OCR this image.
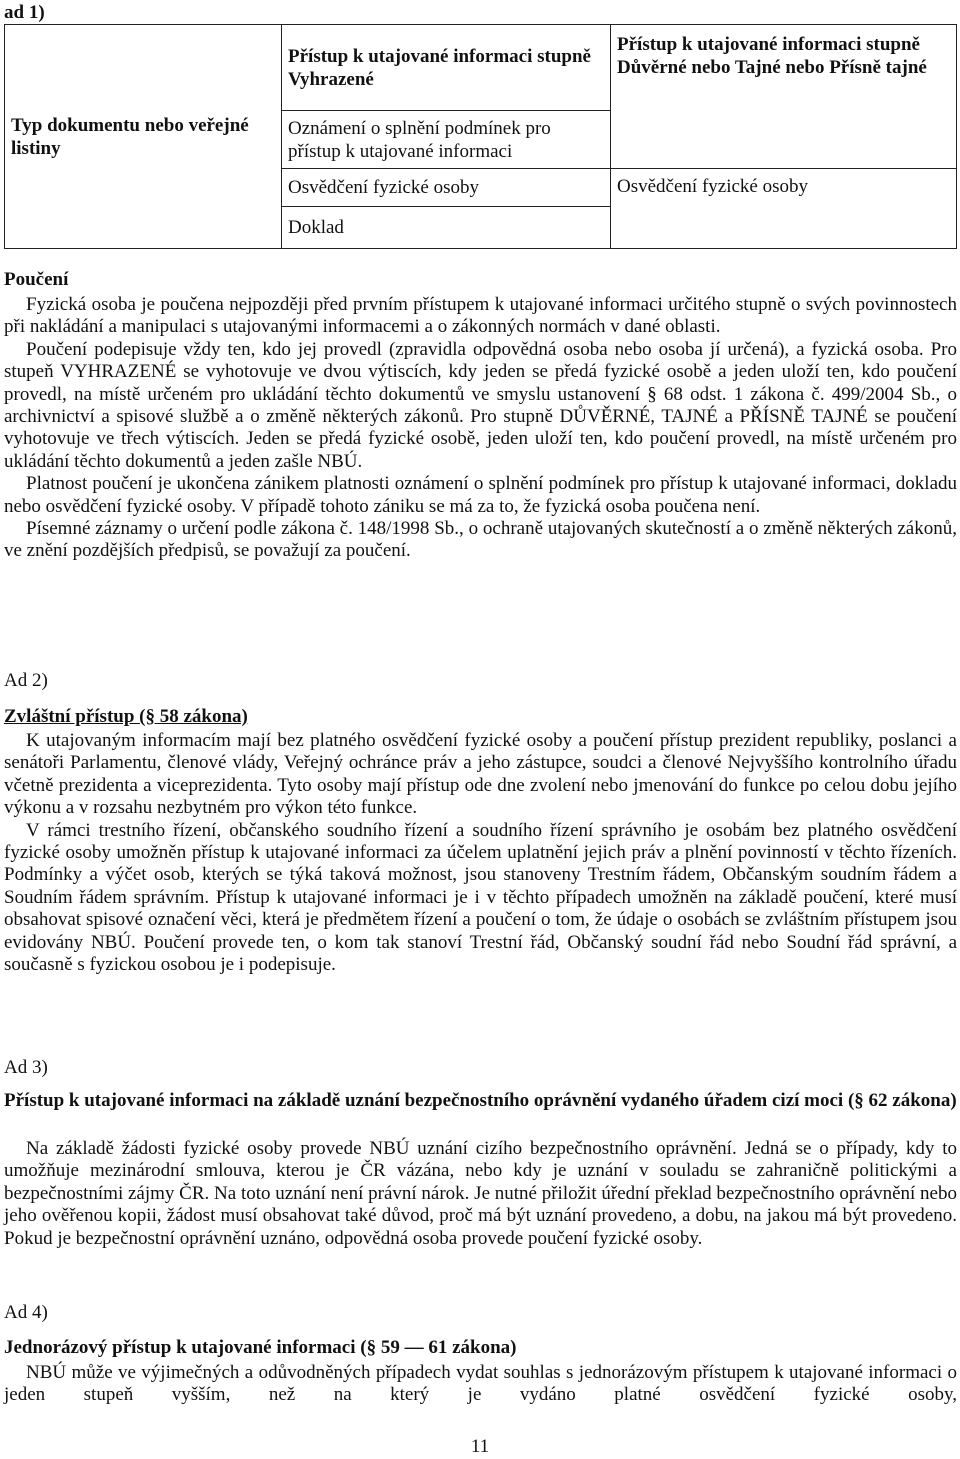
ad 1)
Typ dokumentu nebo veřejné listiny	Přístup k utajované informaci stupně Vyhrazené	Přístup k utajované informaci stupně Důvěrné nebo Tajné nebo Přísně tajné
	Oznámení o splnění podmínek pro přístup k utajované informaci	
	Osvědčení fyzické osoby	Osvědčení fyzické osoby
	Doklad	
Poučení

Fyzická osoba je poučena nejpozději před prvním přístupem k utajované informaci určitého stupně o svých povinnostech při nakládání a manipulaci s utajovanými informacemi a o zákonných normách v dané oblasti.

Poučení podepisuje vždy ten, kdo jej provedl (zpravidla odpovědná osoba nebo osoba jí určená), a fyzická osoba. Pro stupeň VYHRAZENÉ se vyhotovuje ve dvou výtiscích, kdy jeden se předá fyzické osobě a jeden uloží ten, kdo poučení provedl, na místě určeném pro ukládání těchto dokumentů ve smyslu ustanovení § 68 odst. 1 zákona č. 499/2004 Sb., o archivnictví a spisové službě a o změně některých zákonů. Pro stupně DŮVĚRNÉ, TAJNÉ a PŘÍSNĚ TAJNÉ se poučení vyhotovuje ve třech výtiscích. Jeden se předá fyzické osobě, jeden uloží ten, kdo poučení provedl, na místě určeném pro ukládání těchto dokumentů a jeden zašle NBÚ.

Platnost poučení je ukončena zánikem platnosti oznámení o splnění podmínek pro přístup k utajované informaci, dokladu nebo osvědčení fyzické osoby. V případě tohoto zániku se má za to, že fyzická osoba poučena není.

Písemné záznamy o určení podle zákona č. 148/1998 Sb., o ochraně utajovaných skutečností a o změně některých zákonů, ve znění pozdějších předpisů, se považují za poučení.

Ad 2)
Zvláštní přístup (§ 58 zákona)

K utajovaným informacím mají bez platného osvědčení fyzické osoby a poučení přístup prezident republiky, poslanci a senátoři Parlamentu, členové vlády, Veřejný ochránce práv a jeho zástupce, soudci a členové Nejvyššího kontrolního úřadu včetně prezidenta a viceprezidenta. Tyto osoby mají přístup ode dne zvolení nebo jmenování do funkce po celou dobu jejího výkonu a v rozsahu nezbytném pro výkon této funkce.

V rámci trestního řízení, občanského soudního řízení a soudního řízení správního je osobám bez platného osvědčení fyzické osoby umožněn přístup k utajované informaci za účelem uplatnění jejich práv a plnění povinností v těchto řízeních. Podmínky a výčet osob, kterých se týká taková možnost, jsou stanoveny Trestním řádem, Občanským soudním řádem a Soudním řádem správním. Přístup k utajované informaci je i v těchto případech umožněn na základě poučení, které musí obsahovat spisové označení věci, která je předmětem řízení a poučení o tom, že údaje o osobách se zvláštním přístupem jsou evidovány NBÚ. Poučení provede ten, o kom tak stanoví Trestní řád, Občanský soudní řád nebo Soudní řád správní, a současně s fyzickou osobou je i podepisuje.

Ad 3)
Přístup k utajované informaci na základě uznání bezpečnostního oprávnění vydaného úřadem cizí moci (§ 62 zákona)

Na základě žádosti fyzické osoby provede NBÚ uznání cizího bezpečnostního oprávnění. Jedná se o případy, kdy to umožňuje mezinárodní smlouva, kterou je ČR vázána, nebo kdy je uznání v souladu se zahraničně politickými a bezpečnostními zájmy ČR. Na toto uznání není právní nárok. Je nutné přiložit úřední překlad bezpečnostního oprávnění nebo jeho ověřenou kopii, žádost musí obsahovat také důvod, proč má být uznání provedeno, a dobu, na jakou má být provedeno. Pokud je bezpečnostní oprávnění uznáno, odpovědná osoba provede poučení fyzické osoby.

Ad 4)
Jednorázový přístup k utajované informaci (§ 59 — 61 zákona)

NBÚ může ve výjimečných a odůvodněných případech vydat souhlas s jednorázovým přístupem k utajované informaci o jeden stupeň vyšším, než na který je vydáno platné osvědčení fyzické osoby,

11
